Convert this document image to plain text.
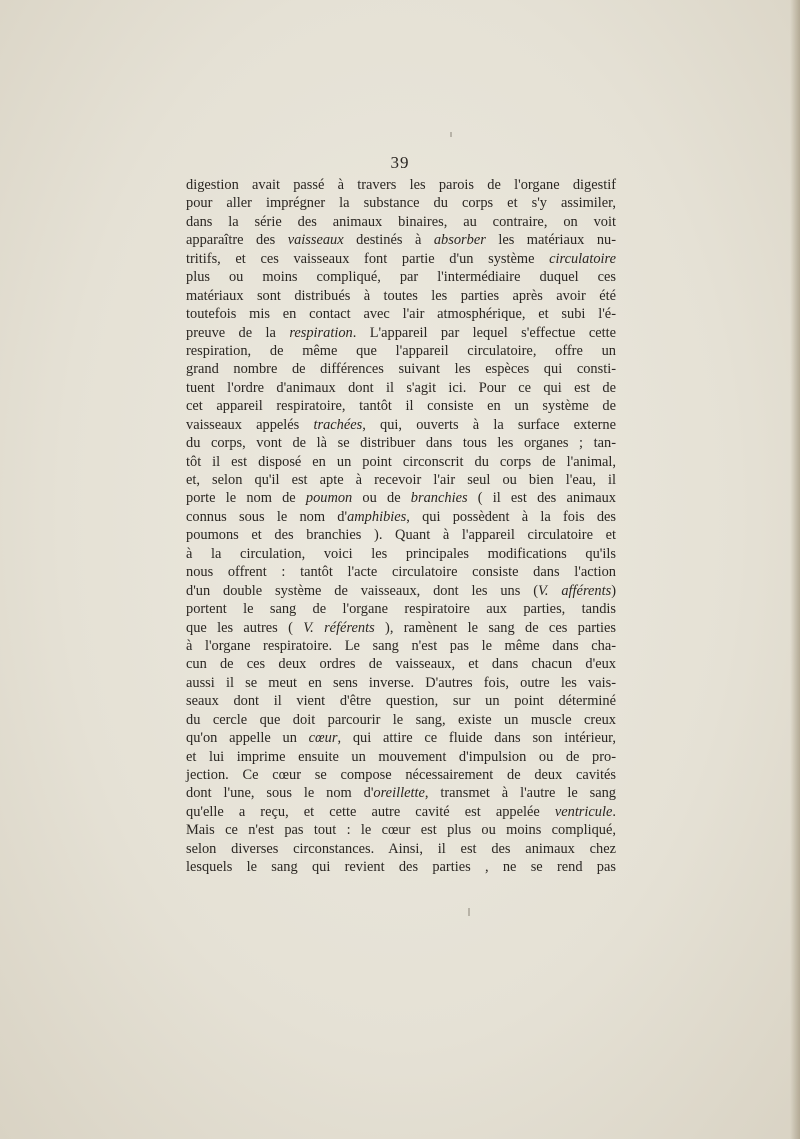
39
digestion avait passé à travers les parois de l'organe digestif
pour aller imprégner la substance du corps et s'y assimiler,
dans la série des animaux binaires, au contraire, on voit
apparaître des vaisseaux destinés à absorber les matériaux nu-
tritifs, et ces vaisseaux font partie d'un système circulatoire
plus ou moins compliqué, par l'intermédiaire duquel ces
matériaux sont distribués à toutes les parties après avoir été
toutefois mis en contact avec l'air atmosphérique, et subi l'é-
preuve de la respiration. L'appareil par lequel s'effectue cette
respiration, de même que l'appareil circulatoire, offre un
grand nombre de différences suivant les espèces qui consti-
tuent l'ordre d'animaux dont il s'agit ici. Pour ce qui est de
cet appareil respiratoire, tantôt il consiste en un système de
vaisseaux appelés trachées, qui, ouverts à la surface externe
du corps, vont de là se distribuer dans tous les organes ; tan-
tôt il est disposé en un point circonscrit du corps de l'animal,
et, selon qu'il est apte à recevoir l'air seul ou bien l'eau, il
porte le nom de poumon ou de branchies ( il est des animaux
connus sous le nom d'amphibies, qui possèdent à la fois des
poumons et des branchies ). Quant à l'appareil circulatoire et
à la circulation, voici les principales modifications qu'ils
nous offrent : tantôt l'acte circulatoire consiste dans l'action
d'un double système de vaisseaux, dont les uns (V. afférents)
portent le sang de l'organe respiratoire aux parties, tandis
que les autres ( V. référents ), ramènent le sang de ces parties
à l'organe respiratoire. Le sang n'est pas le même dans cha-
cun de ces deux ordres de vaisseaux, et dans chacun d'eux
aussi il se meut en sens inverse. D'autres fois, outre les vais-
seaux dont il vient d'être question, sur un point déterminé
du cercle que doit parcourir le sang, existe un muscle creux
qu'on appelle un cœur, qui attire ce fluide dans son intérieur,
et lui imprime ensuite un mouvement d'impulsion ou de pro-
jection. Ce cœur se compose nécessairement de deux cavités
dont l'une, sous le nom d'oreillette, transmet à l'autre le sang
qu'elle a reçu, et cette autre cavité est appelée ventricule.
Mais ce n'est pas tout : le cœur est plus ou moins compliqué,
selon diverses circonstances. Ainsi, il est des animaux chez
lesquels le sang qui revient des parties , ne se rend pas
